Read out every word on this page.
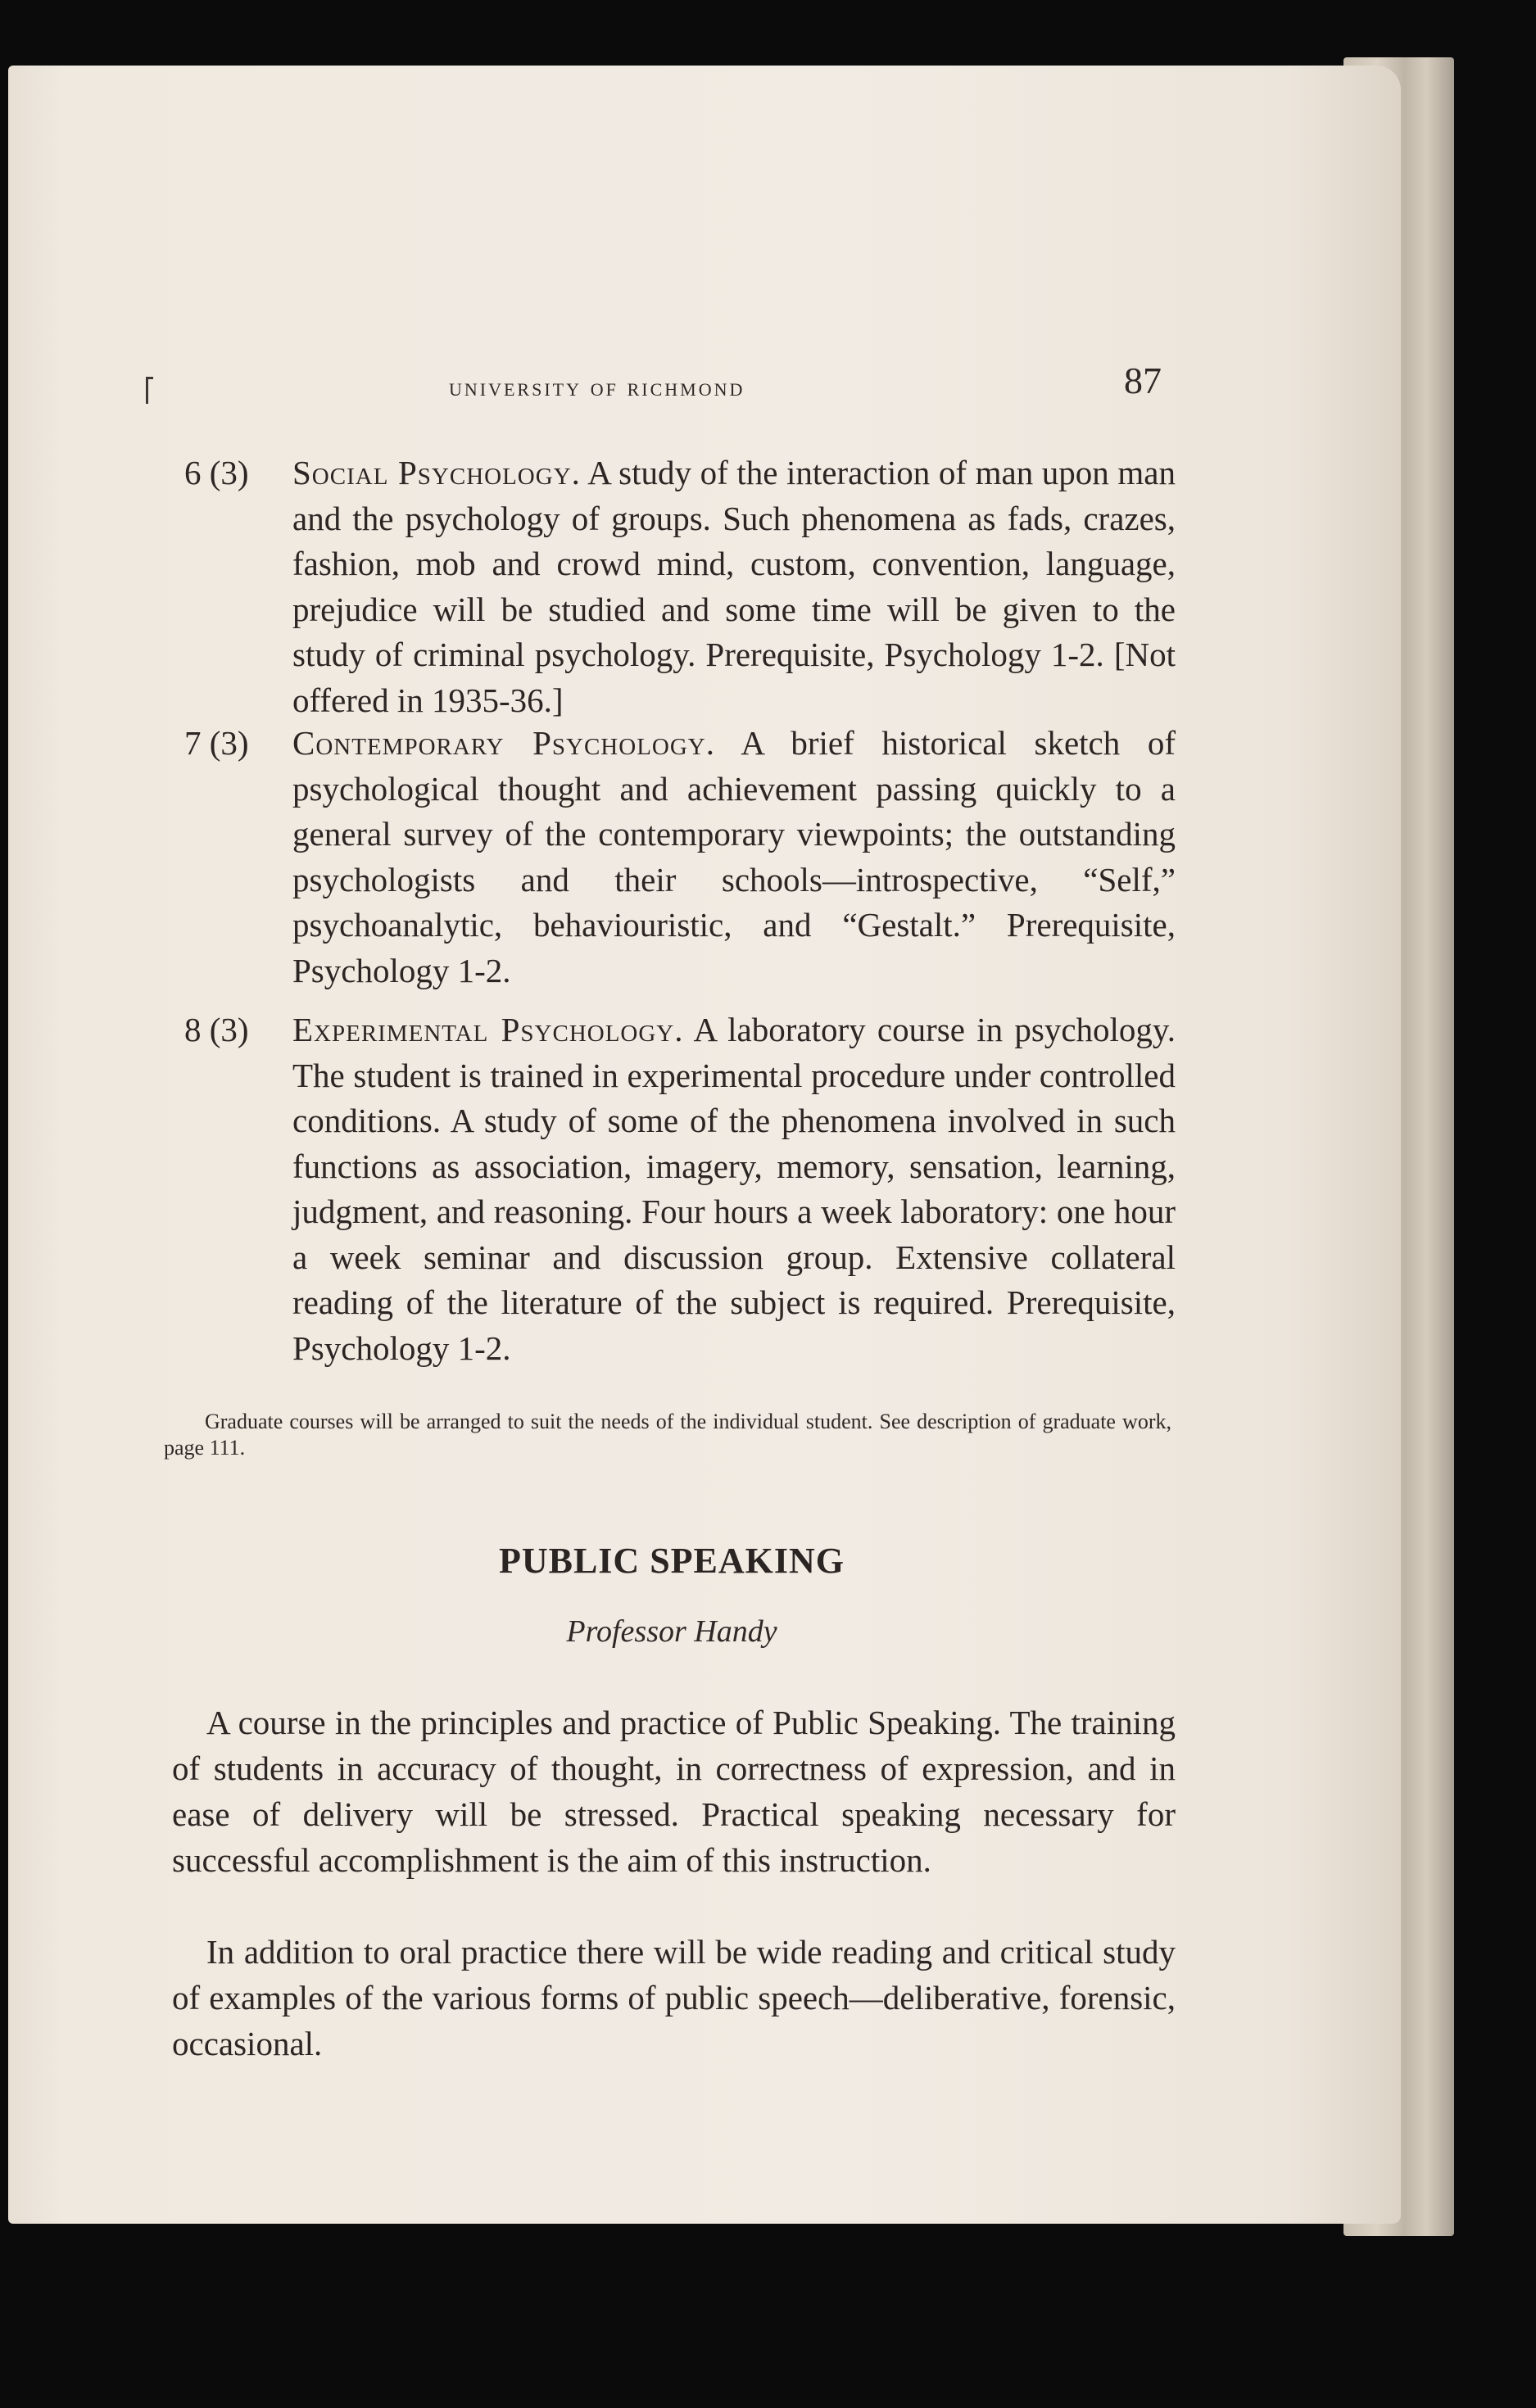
university of richmond	87
6 (3)	Social Psychology. A study of the interaction of man upon man and the psychology of groups. Such phenomena as fads, crazes, fashion, mob and crowd mind, custom, convention, language, prejudice will be studied and some time will be given to the study of criminal psychology. Prerequisite, Psychology 1-2. [Not offered in 1935-36.]
7 (3)	Contemporary Psychology. A brief historical sketch of psychological thought and achievement passing quickly to a general survey of the contemporary viewpoints; the outstanding psychologists and their schools—introspective, “Self,” psychoanalytic, behaviouristic, and “Gestalt.” Prerequisite, Psychology 1-2.
8 (3)	Experimental Psychology. A laboratory course in psychology. The student is trained in experimental procedure under controlled conditions. A study of some of the phenomena involved in such functions as association, imagery, memory, sensation, learning, judgment, and reasoning. Four hours a week laboratory: one hour a week seminar and discussion group. Extensive collateral reading of the literature of the subject is required. Prerequisite, Psychology 1-2.
Graduate courses will be arranged to suit the needs of the individual student. See description of graduate work, page 111.
PUBLIC SPEAKING
Professor Handy
A course in the principles and practice of Public Speaking. The training of students in accuracy of thought, in correctness of expression, and in ease of delivery will be stressed. Practical speaking necessary for successful accomplishment is the aim of this instruction.
In addition to oral practice there will be wide reading and critical study of examples of the various forms of public speech—deliberative, forensic, occasional.
